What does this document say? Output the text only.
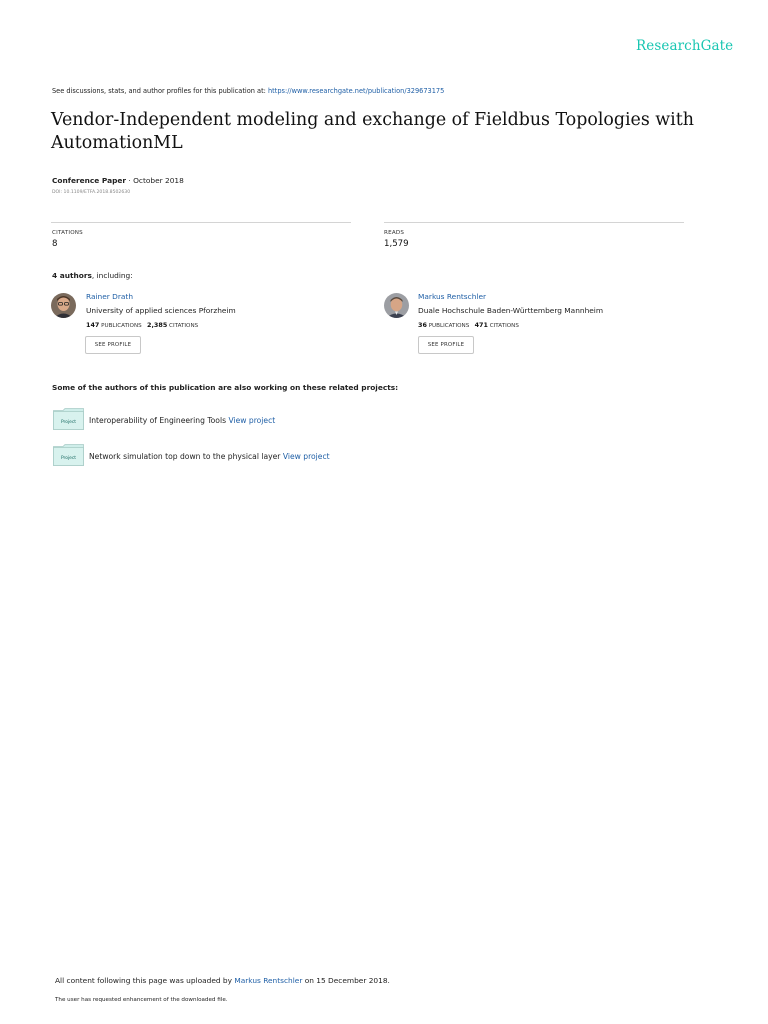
ResearchGate
See discussions, stats, and author profiles for this publication at: https://www.researchgate.net/publication/329673175
Vendor-Independent modeling and exchange of Fieldbus Topologies with AutomationML
Conference Paper · October 2018
DOI: 10.1109/ETFA.2018.8502630
CITATIONS
8
READS
1,579
4 authors, including:
Rainer Drath
University of applied sciences Pforzheim
147 PUBLICATIONS 2,385 CITATIONS
SEE PROFILE
Markus Rentschler
Duale Hochschule Baden-Württemberg Mannheim
36 PUBLICATIONS 471 CITATIONS
SEE PROFILE
Some of the authors of this publication are also working on these related projects:
Project Interoperability of Engineering Tools View project
Project Network simulation top down to the physical layer View project
All content following this page was uploaded by Markus Rentschler on 15 December 2018.
The user has requested enhancement of the downloaded file.
